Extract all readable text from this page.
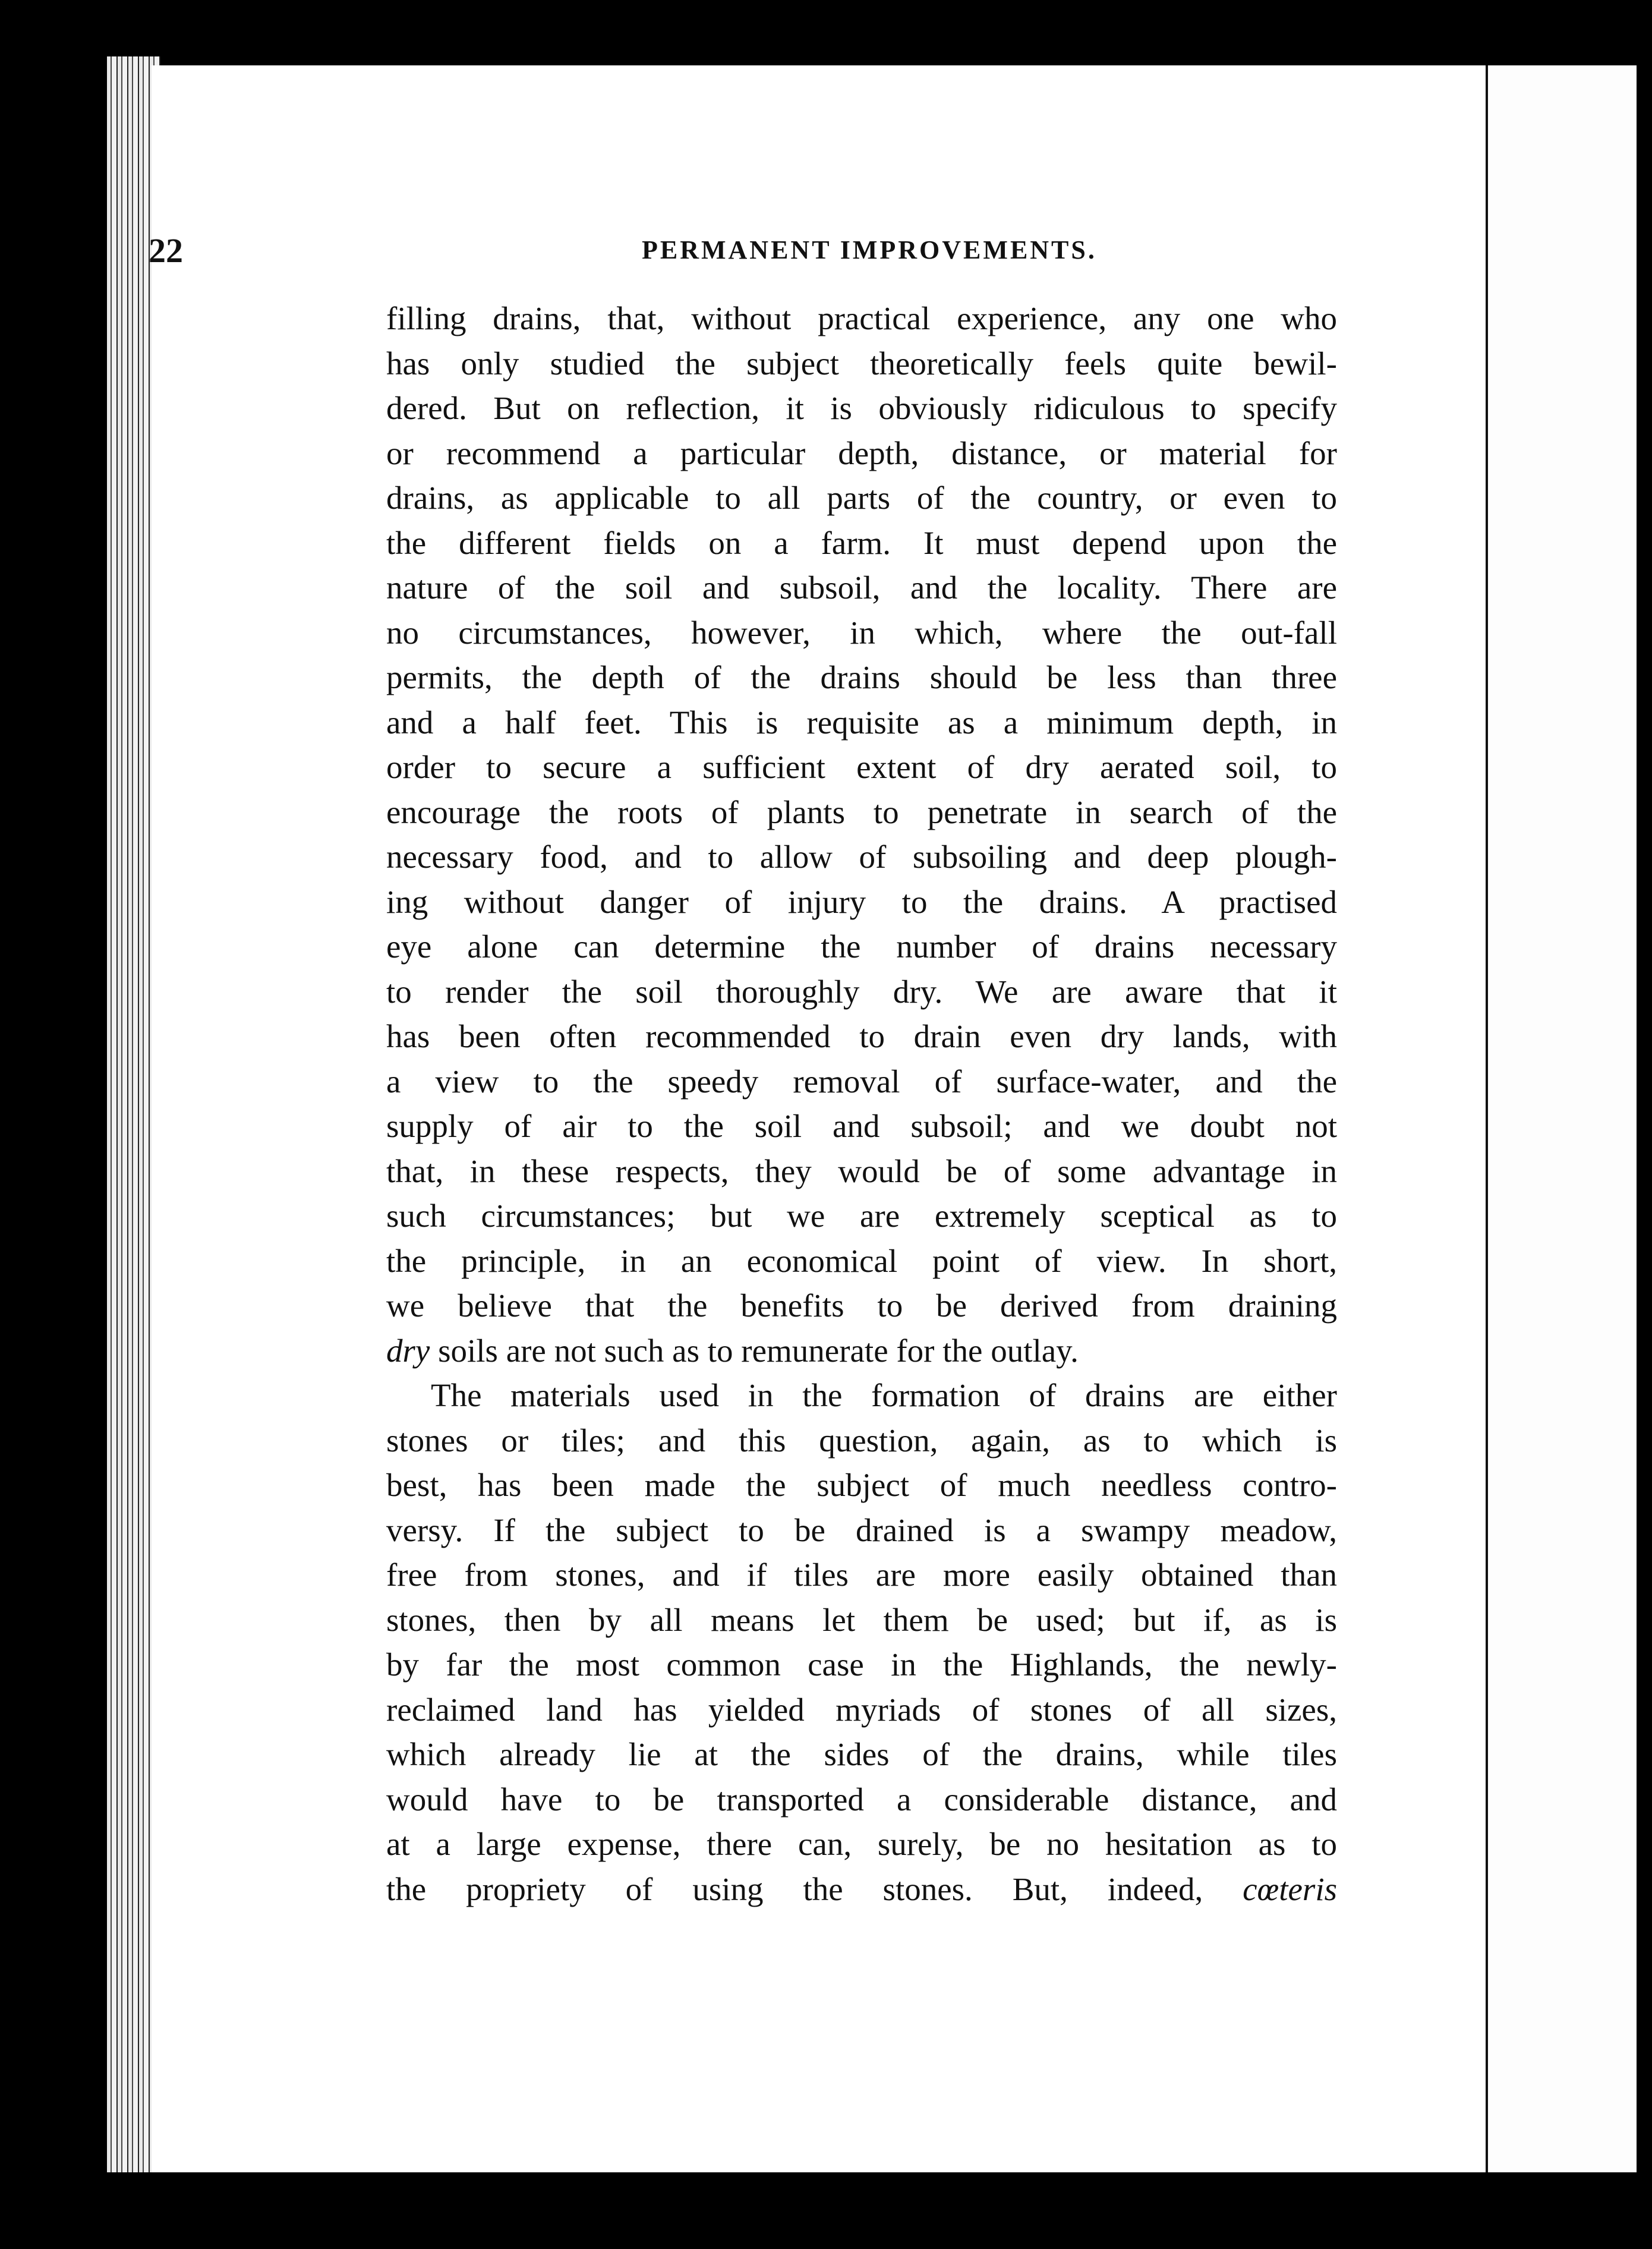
22	PERMANENT IMPROVEMENTS.
filling drains, that, without practical experience, any one who
has only studied the subject theoretically feels quite bewil-
dered. But on reflection, it is obviously ridiculous to specify
or recommend a particular depth, distance, or material for
drains, as applicable to all parts of the country, or even to
the different fields on a farm. It must depend upon the
nature of the soil and subsoil, and the locality. There are
no circumstances, however, in which, where the out-fall
permits, the depth of the drains should be less than three
and a half feet. This is requisite as a minimum depth, in
order to secure a sufficient extent of dry aerated soil, to
encourage the roots of plants to penetrate in search of the
necessary food, and to allow of subsoiling and deep plough-
ing without danger of injury to the drains. A practised
eye alone can determine the number of drains necessary
to render the soil thoroughly dry. We are aware that it
has been often recommended to drain even dry lands, with
a view to the speedy removal of surface-water, and the
supply of air to the soil and subsoil; and we doubt not
that, in these respects, they would be of some advantage in
such circumstances; but we are extremely sceptical as to
the principle, in an economical point of view. In short,
we believe that the benefits to be derived from draining
dry soils are not such as to remunerate for the outlay.
The materials used in the formation of drains are either
stones or tiles; and this question, again, as to which is
best, has been made the subject of much needless contro-
versy. If the subject to be drained is a swampy meadow,
free from stones, and if tiles are more easily obtained than
stones, then by all means let them be used; but if, as is
by far the most common case in the Highlands, the newly-
reclaimed land has yielded myriads of stones of all sizes,
which already lie at the sides of the drains, while tiles
would have to be transported a considerable distance, and
at a large expense, there can, surely, be no hesitation as to
the propriety of using the stones. But, indeed, cœteris
